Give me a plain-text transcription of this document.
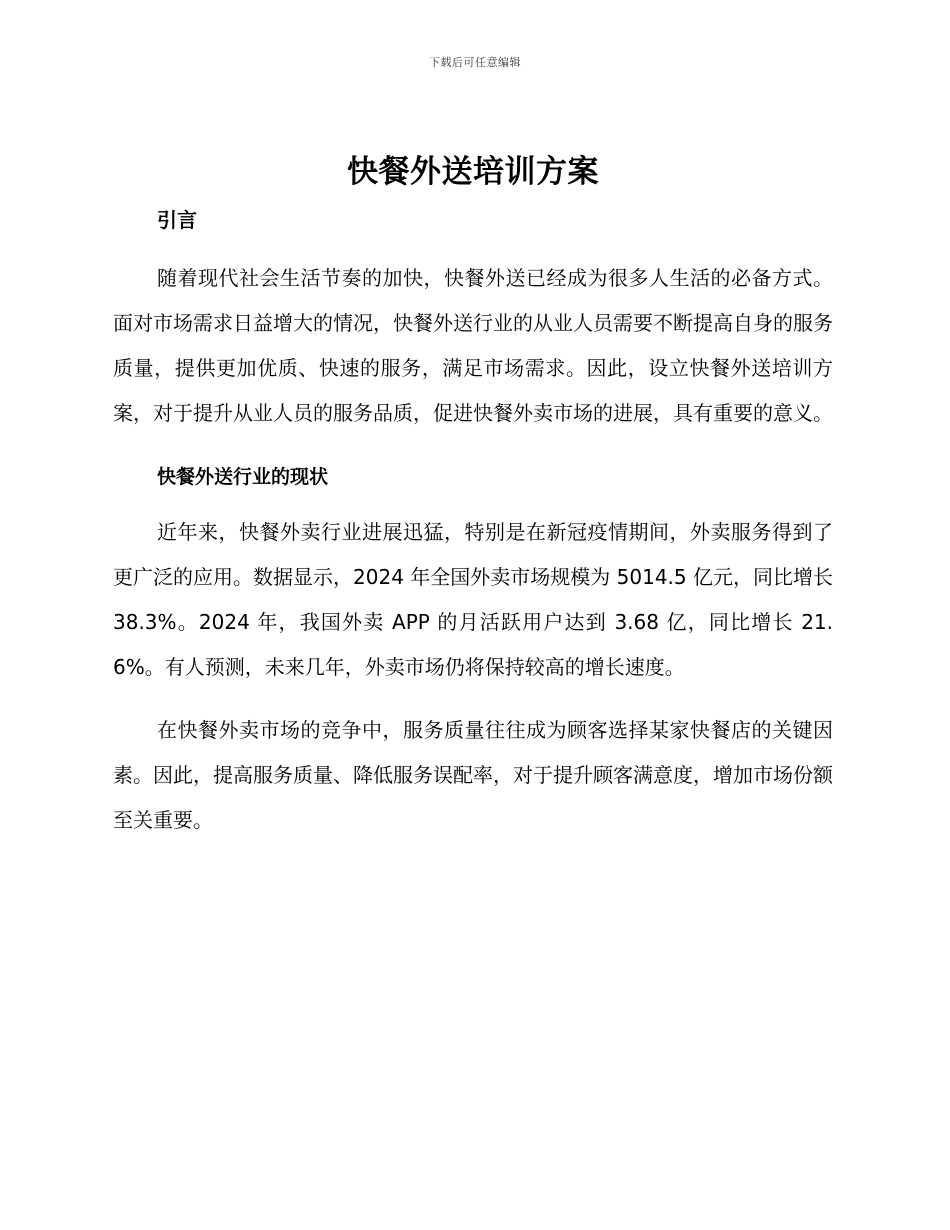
下载后可任意编辑
快餐外送培训方案
引言

随着现代社会生活节奏的加快，快餐外送已经成为很多人生活的必备方式。面对市场需求日益增大的情况，快餐外送行业的从业人员需要不断提高自身的服务质量，提供更加优质、快速的服务，满足市场需求。因此，设立快餐外送培训方案，对于提升从业人员的服务品质，促进快餐外卖市场的进展，具有重要的意义。

快餐外送行业的现状

近年来，快餐外卖行业进展迅猛，特别是在新冠疫情期间，外卖服务得到了更广泛的应用。数据显示，2024 年全国外卖市场规模为 5014.5 亿元，同比增长 38.3%。2024 年，我国外卖 APP 的月活跃用户达到 3.68 亿，同比增长 21.6%。有人预测，未来几年，外卖市场仍将保持较高的增长速度。

在快餐外卖市场的竞争中，服务质量往往成为顾客选择某家快餐店的关键因素。因此，提高服务质量、降低服务误配率，对于提升顾客满意度，增加市场份额至关重要。
